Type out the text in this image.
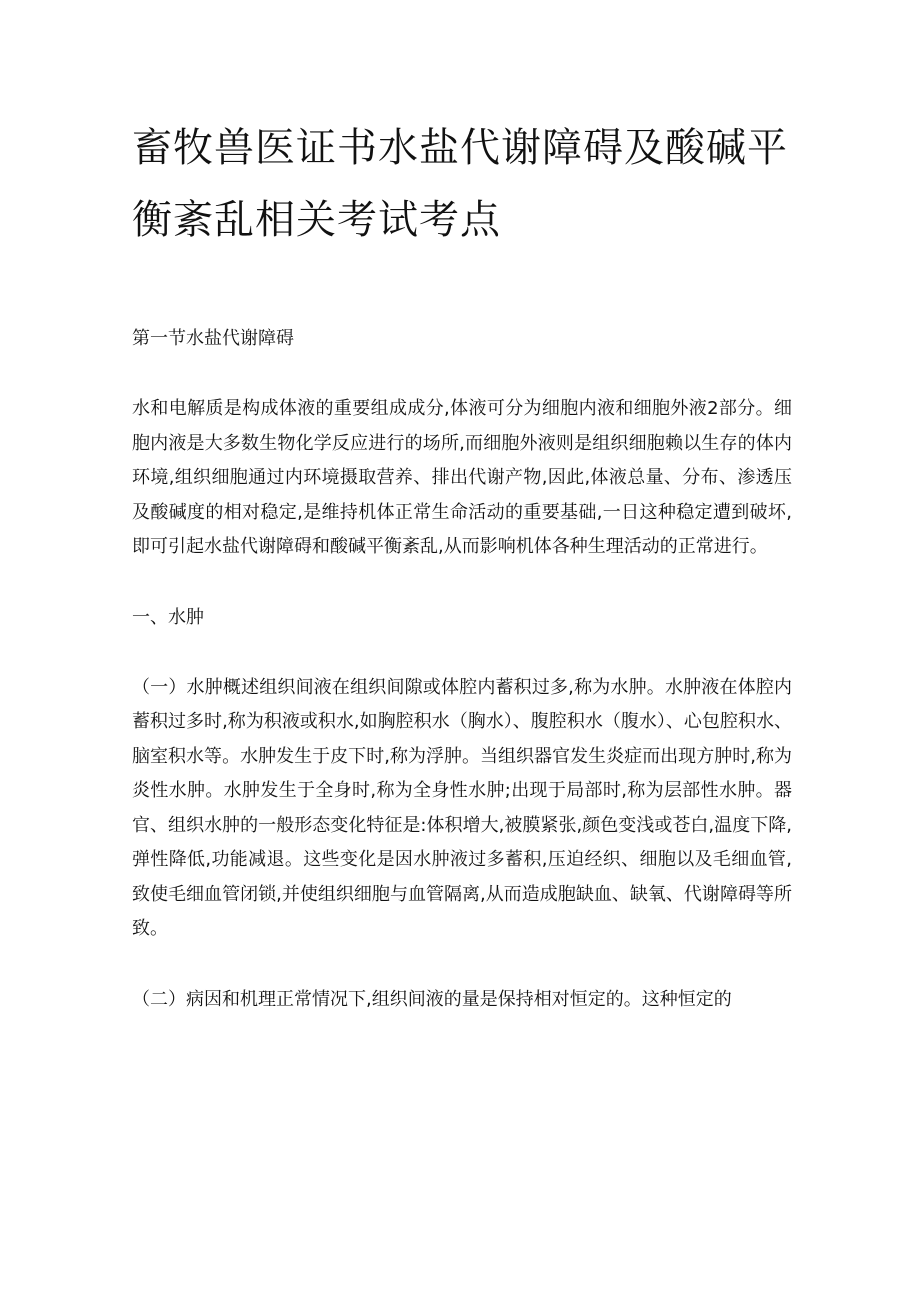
畜牧兽医证书水盐代谢障碍及酸碱平衡紊乱相关考试考点
第一节水盐代谢障碍

水和电解质是构成体液的重要组成成分,体液可分为细胞内液和细胞外液2部分。细胞内液是大多数生物化学反应进行的场所,而细胞外液则是组织细胞赖以生存的体内环境,组织细胞通过内环境摄取营养、排出代谢产物,因此,体液总量、分布、渗透压及酸碱度的相对稳定,是维持机体正常生命活动的重要基础,一日这种稳定遭到破坏,即可引起水盐代谢障碍和酸碱平衡紊乱,从而影响机体各种生理活动的正常进行。

一、水肿

（一）水肿概述组织间液在组织间隙或体腔内蓄积过多,称为水肿。水肿液在体腔内蓄积过多时,称为积液或积水,如胸腔积水（胸水）、腹腔积水（腹水）、心包腔积水、脑室积水等。水肿发生于皮下时,称为浮肿。当组织器官发生炎症而出现方肿时,称为炎性水肿。水肿发生于全身时,称为全身性水肿;出现于局部时,称为层部性水肿。器官、组织水肿的一般形态变化特征是:体积增大,被膜紧张,颜色变浅或苍白,温度下降,弹性降低,功能减退。这些变化是因水肿液过多蓄积,压迫经织、细胞以及毛细血管,致使毛细血管闭锁,并使组织细胞与血管隔离,从而造成胞缺血、缺氧、代谢障碍等所致。

（二）病因和机理正常情况下,组织间液的量是保持相对恒定的。这种恒定的
